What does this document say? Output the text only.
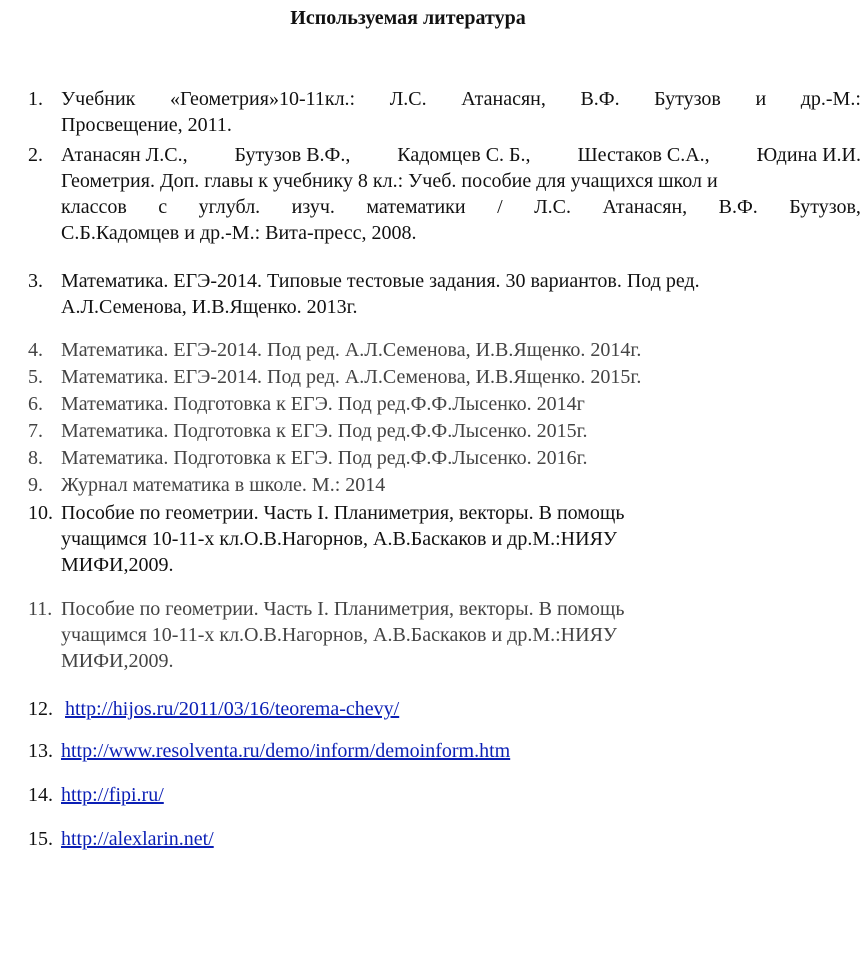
Используемая литература
1. Учебник «Геометрия»10-11кл.: Л.С. Атанасян, В.Ф. Бутузов и др.-М.:
Просвещение, 2011.
2. Атанасян Л.С., Бутузов В.Ф., Кадомцев С. Б., Шестаков С.А., Юдина И.И.
Геометрия. Доп. главы к учебнику 8 кл.: Учеб. пособие для учащихся школ и
классов с углубл. изуч. математики / Л.С. Атанасян, В.Ф. Бутузов,
С.Б.Кадомцев и др.-М.: Вита-пресс, 2008.
3. Математика. ЕГЭ-2014. Типовые тестовые задания. 30 вариантов. Под ред.
А.Л.Семенова, И.В.Ященко. 2013г.
4. Математика. ЕГЭ-2014. Под ред. А.Л.Семенова, И.В.Ященко. 2014г.
5. Математика. ЕГЭ-2014. Под ред. А.Л.Семенова, И.В.Ященко. 2015г.
6. Математика. Подготовка к ЕГЭ. Под ред.Ф.Ф.Лысенко. 2014г
7. Математика. Подготовка к ЕГЭ. Под ред.Ф.Ф.Лысенко. 2015г.
8. Математика. Подготовка к ЕГЭ. Под ред.Ф.Ф.Лысенко. 2016г.
9. Журнал математика в школе. М.: 2014
10. Пособие по геометрии. Часть I. Планиметрия, векторы. В помощь
учащимся 10-11-х кл.О.В.Нагорнов, А.В.Баскаков и др.М.:НИЯУ
МИФИ,2009.
11. Пособие по геометрии. Часть I. Планиметрия, векторы. В помощь
учащимся 10-11-х кл.О.В.Нагорнов, А.В.Баскаков и др.М.:НИЯУ
МИФИ,2009.
12. http://hijos.ru/2011/03/16/teorema-chevy/
13. http://www.resolventa.ru/demo/inform/demoinform.htm
14. http://fipi.ru/
15. http://alexlarin.net/
